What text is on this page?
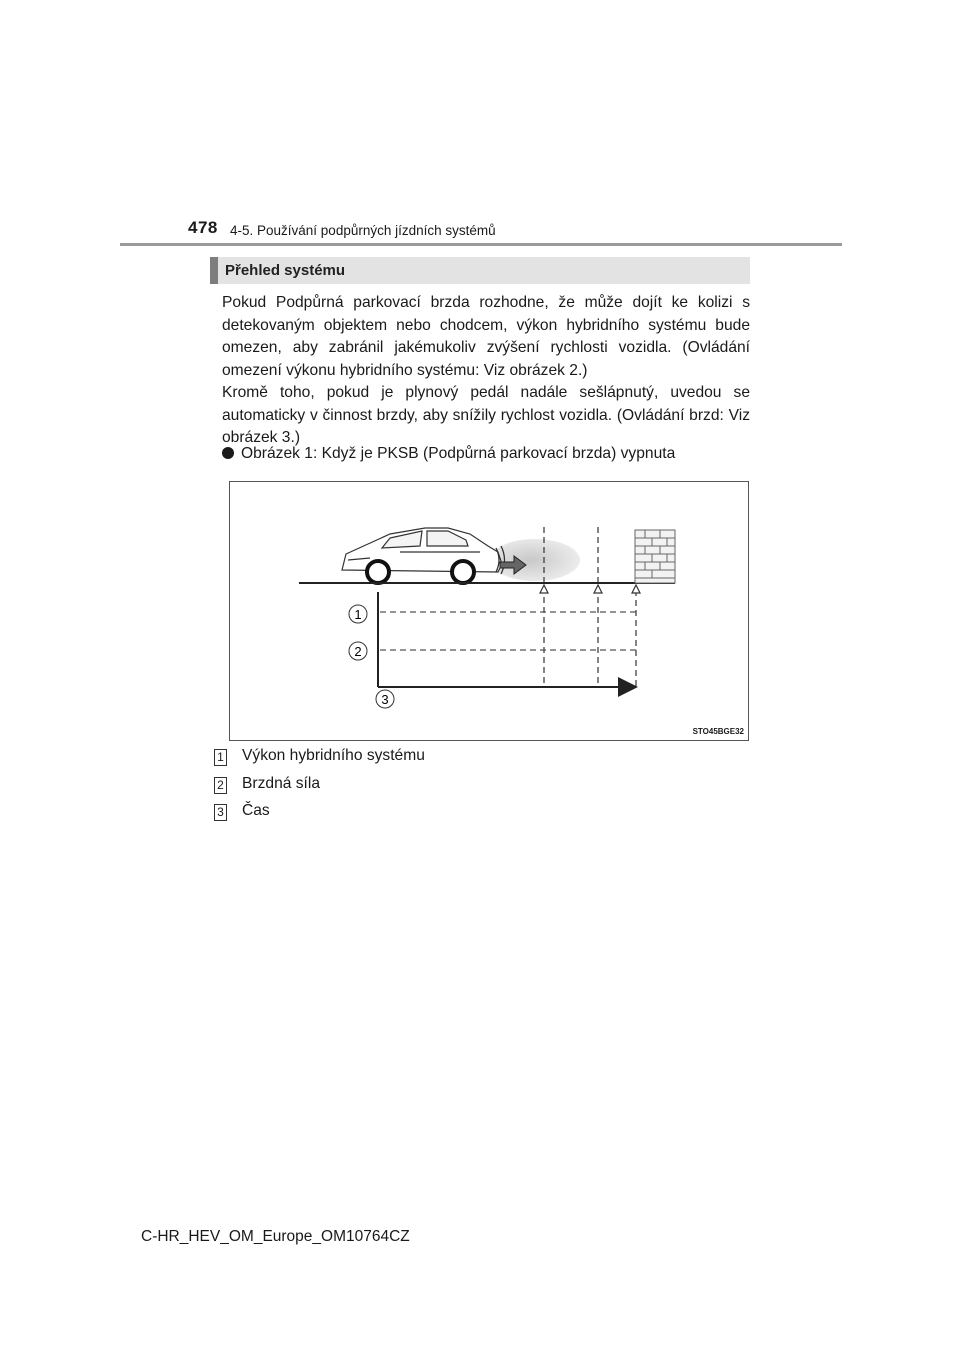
478 4-5. Používání podpůrných jízdních systémů
Přehled systému

Pokud Podpůrná parkovací brzda rozhodne, že může dojít ke kolizi s detekovaným objektem nebo chodcem, výkon hybridního systému bude omezen, aby zabránil jakémukoliv zvýšení rychlosti vozidla. (Ovládání omezení výkonu hybridního systému: Viz obrázek 2.)

Kromě toho, pokud je plynový pedál nadále sešlápnutý, uvedou se automaticky v činnost brzdy, aby snížily rychlost vozidla. (Ovládání brzd: Viz obrázek 3.)

Obrázek 1: Když je PKSB (Podpůrná parkovací brzda) vypnuta
1
2
3
STO45BGE32
1 Výkon hybridního systému
2 Brzdná síla
3 Čas
C-HR_HEV_OM_Europe_OM10764CZ
